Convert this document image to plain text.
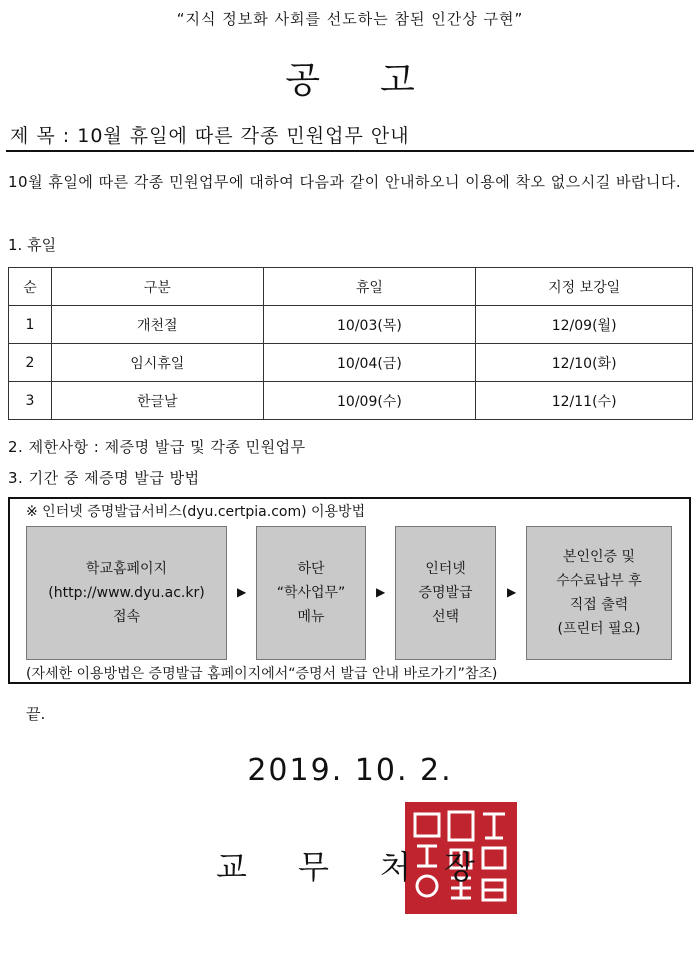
“지식 정보화 사회를 선도하는 참된 인간상 구현”
공고
제 목 : 10월 휴일에 따른 각종 민원업무 안내
10월 휴일에 따른 각종 민원업무에 대하여 다음과 같이 안내하오니 이용에 착오 없으시길 바랍니다.
1. 휴일
순	구분	휴일	지정 보강일
1	개천절	10/03(목)	12/09(월)
2	임시휴일	10/04(금)	12/10(화)
3	한글날	10/09(수)	12/11(수)
2. 제한사항 : 제증명 발급 및 각종 민원업무
3. 기간 중 제증명 발급 방법
※ 인터넷 증명발급서비스(dyu.certpia.com) 이용방법
학교홈페이지
(http://www.dyu.ac.kr)
접속
▶
하단
“학사업무”
메뉴
▶
인터넷
증명발급
선택
▶
본인인증 및
수수료납부 후
직접 출력
(프린터 필요)
(자세한 이용방법은 증명발급 홈페이지에서“증명서 발급 안내 바로가기”참조)
끝.
2019. 10. 2.
교 무 처 장
